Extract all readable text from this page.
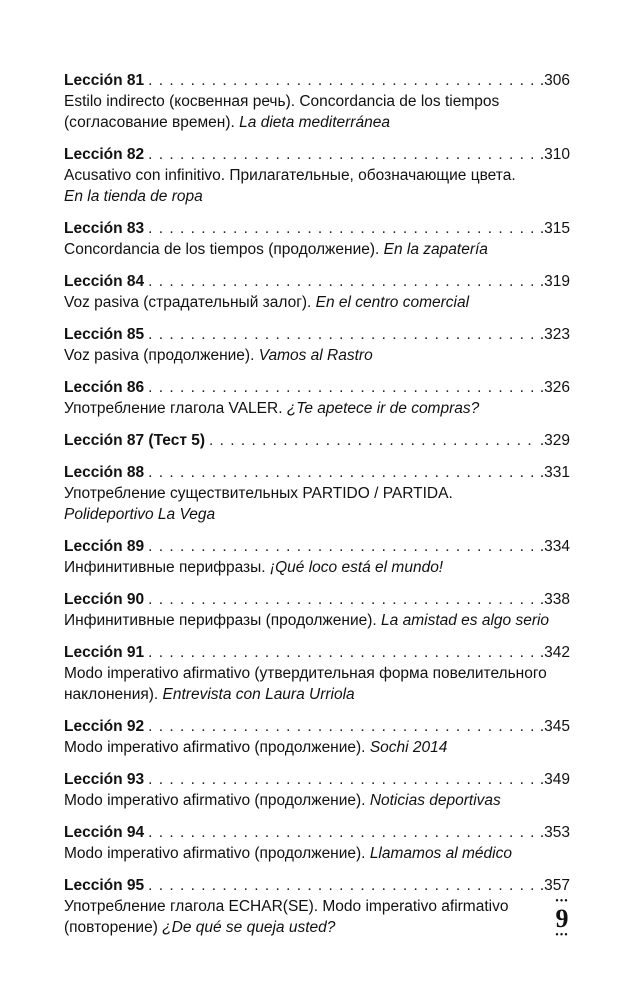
Lección 81 . . .	.306
Estilo indirecto (косвенная речь). Concordancia de los tiempos (согласование времен). La dieta mediterránea
Lección 82 . . .	.310
Acusativo con infinitivo. Прилагательные, обозначающие цвета.
En la tienda de ropa
Lección 83 . . .	.315
Concordancia de los tiempos (продолжение). En la zapatería
Lección 84 . . .	.319
Voz pasiva (страдательный залог). En el centro comercial
Lección 85 . . .	.323
Voz pasiva (продолжение). Vamos al Rastro
Lección 86 . . .	.326
Употребление глагола VALER. ¿Te apetece ir de compras?
Lección 87 (Тест 5) . . .	.329
Lección 88 . . .	.331
Употребление существительных PARTIDO / PARTIDA.
Polideportivo La Vega
Lección 89 . . .	.334
Инфинитивные перифразы. ¡Qué loco está el mundo!
Lección 90 . . .	.338
Инфинитивные перифразы (продолжение). La amistad es algo serio
Lección 91 . . .	.342
Modo imperativo afirmativo (утвердительная форма повелительного наклонения). Entrevista con Laura Urriola
Lección 92 . . .	.345
Modo imperativo afirmativo (продолжение). Sochi 2014
Lección 93 . . .	.349
Modo imperativo afirmativo (продолжение). Noticias deportivas
Lección 94 . . .	.353
Modo imperativo afirmativo (продолжение). Llamamos al médico
Lección 95 . . .	.357
Употребление глагола ECHAR(SE). Modo imperativo afirmativo (повторение) ¿De qué se queja usted?
•••
9
•••
